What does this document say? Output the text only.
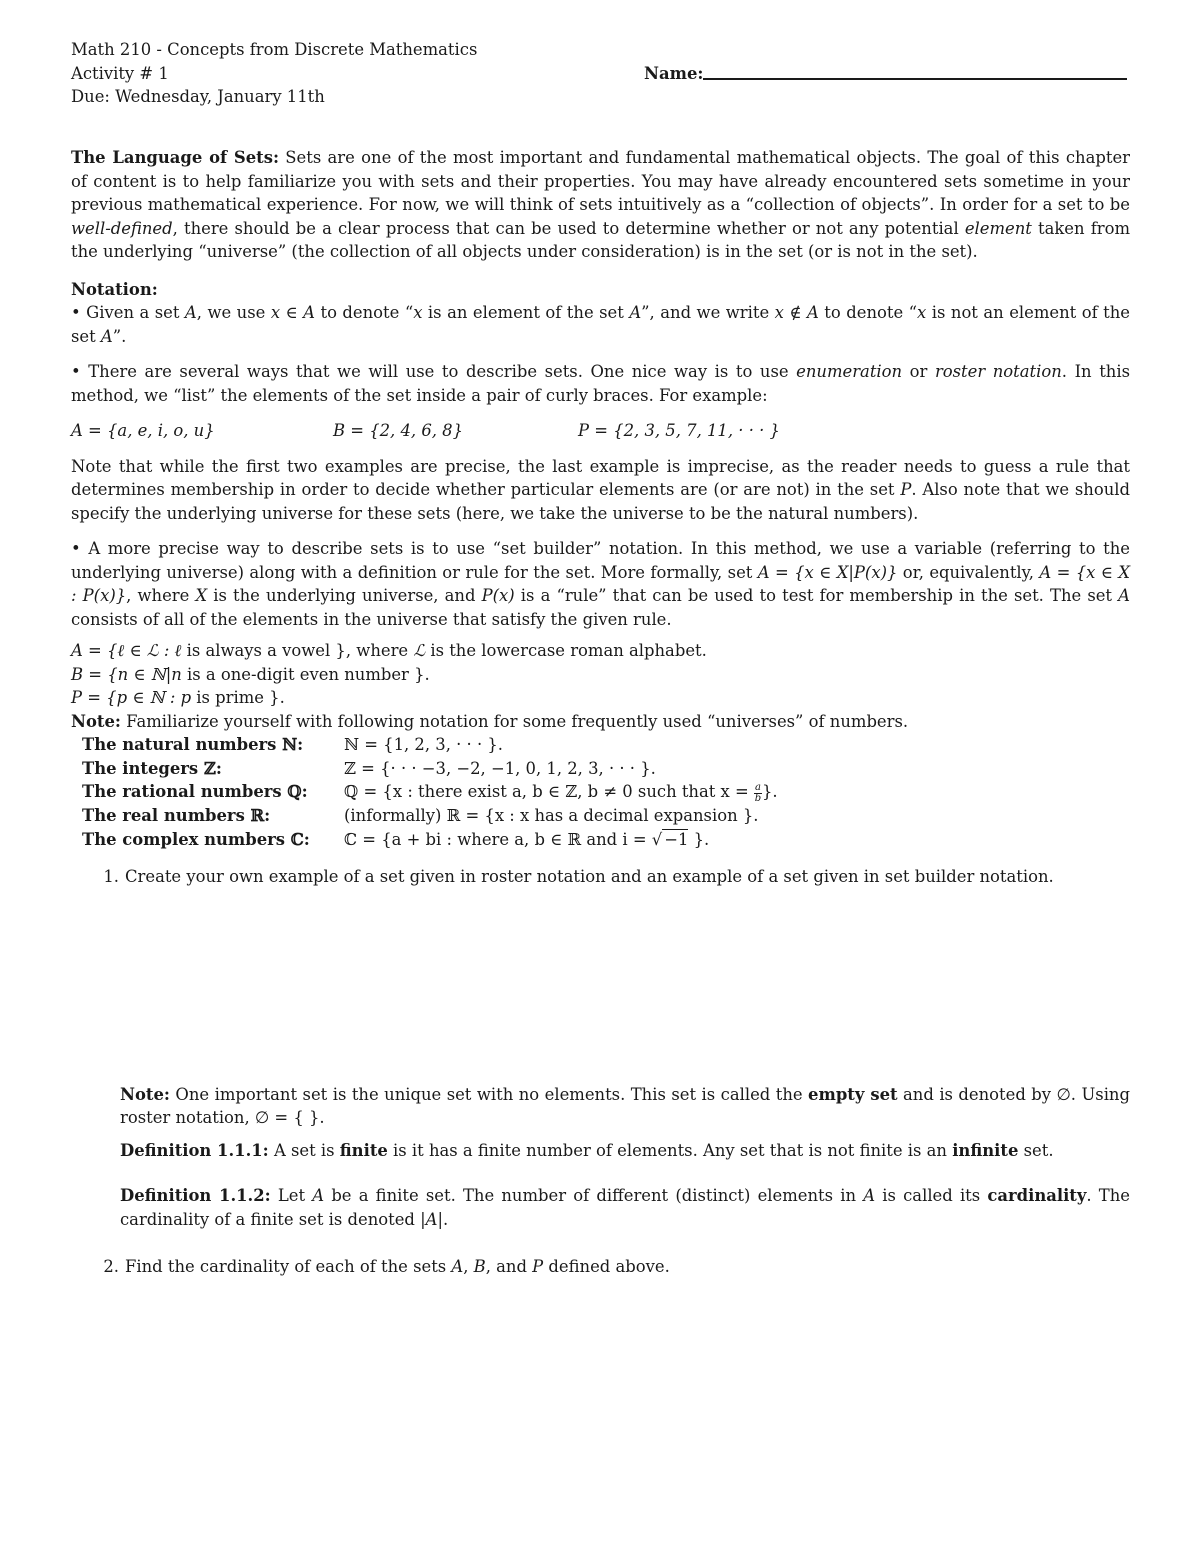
Math 210 - Concepts from Discrete Mathematics
Activity # 1
Due: Wednesday, January 11th
Name:
The Language of Sets: Sets are one of the most important and fundamental mathematical objects. The goal of this chapter of content is to help familiarize you with sets and their properties. You may have already encountered sets sometime in your previous mathematical experience. For now, we will think of sets intuitively as a “collection of objects”. In order for a set to be well-defined, there should be a clear process that can be used to determine whether or not any potential element taken from the underlying “universe” (the collection of all objects under consideration) is in the set (or is not in the set).
Notation:
• Given a set A, we use x ∈ A to denote “x is an element of the set A”, and we write x ∉ A to denote “x is not an element of the set A”.
• There are several ways that we will use to describe sets. One nice way is to use enumeration or roster notation. In this method, we “list” the elements of the set inside a pair of curly braces. For example:
A = {a, e, i, o, u}	B = {2, 4, 6, 8}	P = {2, 3, 5, 7, 11, · · · }
Note that while the first two examples are precise, the last example is imprecise, as the reader needs to guess a rule that determines membership in order to decide whether particular elements are (or are not) in the set P. Also note that we should specify the underlying universe for these sets (here, we take the universe to be the natural numbers).
• A more precise way to describe sets is to use “set builder” notation. In this method, we use a variable (referring to the underlying universe) along with a definition or rule for the set. More formally, set A = {x ∈ X|P(x)} or, equivalently, A = {x ∈ X : P(x)}, where X is the underlying universe, and P(x) is a “rule” that can be used to test for membership in the set. The set A consists of all of the elements in the universe that satisfy the given rule.
A = {ℓ ∈ ℒ : ℓ is always a vowel }, where ℒ is the lowercase roman alphabet.
B = {n ∈ ℕ|n is a one-digit even number }.
P = {p ∈ ℕ : p is prime }.
Note: Familiarize yourself with following notation for some frequently used “universes” of numbers.
The natural numbers ℕ:	ℕ = {1, 2, 3, · · · }.
The integers ℤ:	ℤ = {· · · −3, −2, −1, 0, 1, 2, 3, · · · }.
The rational numbers ℚ:	ℚ = {x : there exist a, b ∈ ℤ, b ≠ 0 such that $x = \frac{a}{b}$ }.
The real numbers ℝ:	(informally) ℝ = {x : x has a decimal expansion }.
The complex numbers ℂ:	ℂ = {a + bi : where a, b ∈ ℝ and i = √ −1 }.
1. Create your own example of a set given in roster notation and an example of a set given in set builder notation.
Note: One important set is the unique set with no elements. This set is called the empty set and is denoted by ∅. Using roster notation, ∅ = { }.
Definition 1.1.1: A set is finite is it has a finite number of elements. Any set that is not finite is an infinite set.
Definition 1.1.2: Let A be a finite set. The number of different (distinct) elements in A is called its cardinality. The cardinality of a finite set is denoted |A|.
2. Find the cardinality of each of the sets A, B, and P defined above.
